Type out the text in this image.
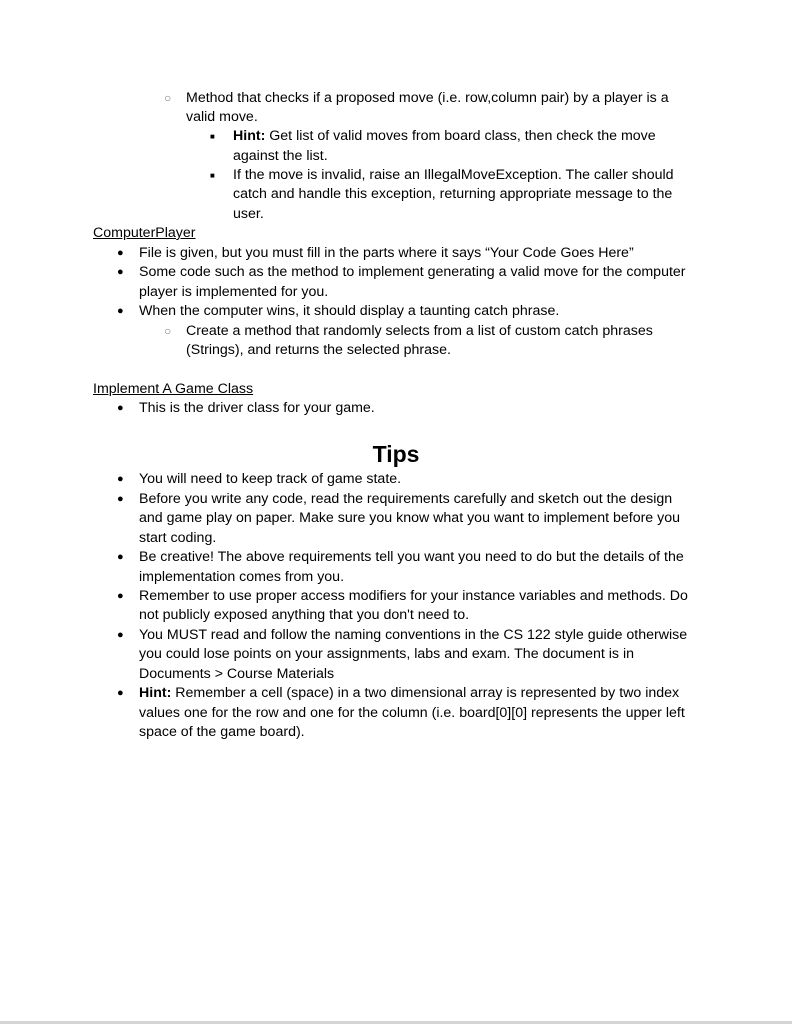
○ Method that checks if a proposed move (i.e. row,column pair) by a player is a
valid move.
■ Hint: Get list of valid moves from board class, then check the move
against the list.
■ If the move is invalid, raise an IllegalMoveException. The caller should
catch and handle this exception, returning appropriate message to the
user.
ComputerPlayer
● File is given, but you must fill in the parts where it says “Your Code Goes Here”
● Some code such as the method to implement generating a valid move for the computer
player is implemented for you.
● When the computer wins, it should display a taunting catch phrase.
○ Create a method that randomly selects from a list of custom catch phrases
(Strings), and returns the selected phrase.
Implement A Game Class
● This is the driver class for your game.
Tips
● You will need to keep track of game state.
● Before you write any code, read the requirements carefully and sketch out the design
and game play on paper. Make sure you know what you want to implement before you
start coding.
● Be creative! The above requirements tell you want you need to do but the details of the
implementation comes from you.
● Remember to use proper access modifiers for your instance variables and methods. Do
not publicly exposed anything that you don't need to.
● You MUST read and follow the naming conventions in the CS 122 style guide otherwise
you could lose points on your assignments, labs and exam. The document is in
Documents > Course Materials
● Hint: Remember a cell (space) in a two dimensional array is represented by two index
values one for the row and one for the column (i.e. board[0][0] represents the upper left
space of the game board).
